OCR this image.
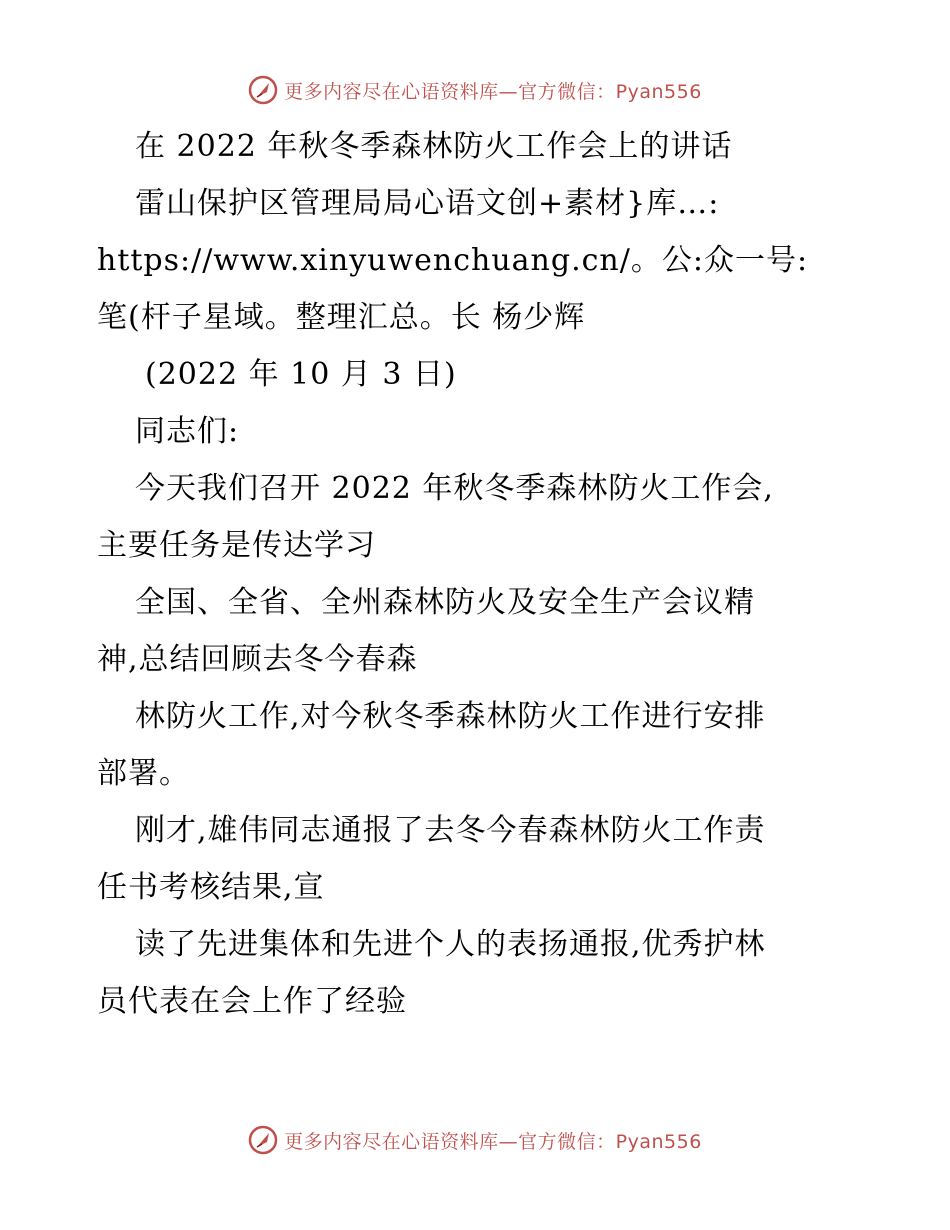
更多内容尽在心语资料库—官方微信：Pyan556
在 2022 年秋冬季森林防火工作会上的讲话
雷山保护区管理局局心语文创+素材}库…:
https://www.xinyuwenchuang.cn/。公:众一号:
笔(杆子星域。整理汇总。长 杨少辉
(2022 年 10 月 3 日)
同志们:
今天我们召开 2022 年秋冬季森林防火工作会,
主要任务是传达学习
全国、全省、全州森林防火及安全生产会议精
神,总结回顾去冬今春森
林防火工作,对今秋冬季森林防火工作进行安排
部署。
刚才,雄伟同志通报了去冬今春森林防火工作责
任书考核结果,宣
读了先进集体和先进个人的表扬通报,优秀护林
员代表在会上作了经验
更多内容尽在心语资料库—官方微信：Pyan556
